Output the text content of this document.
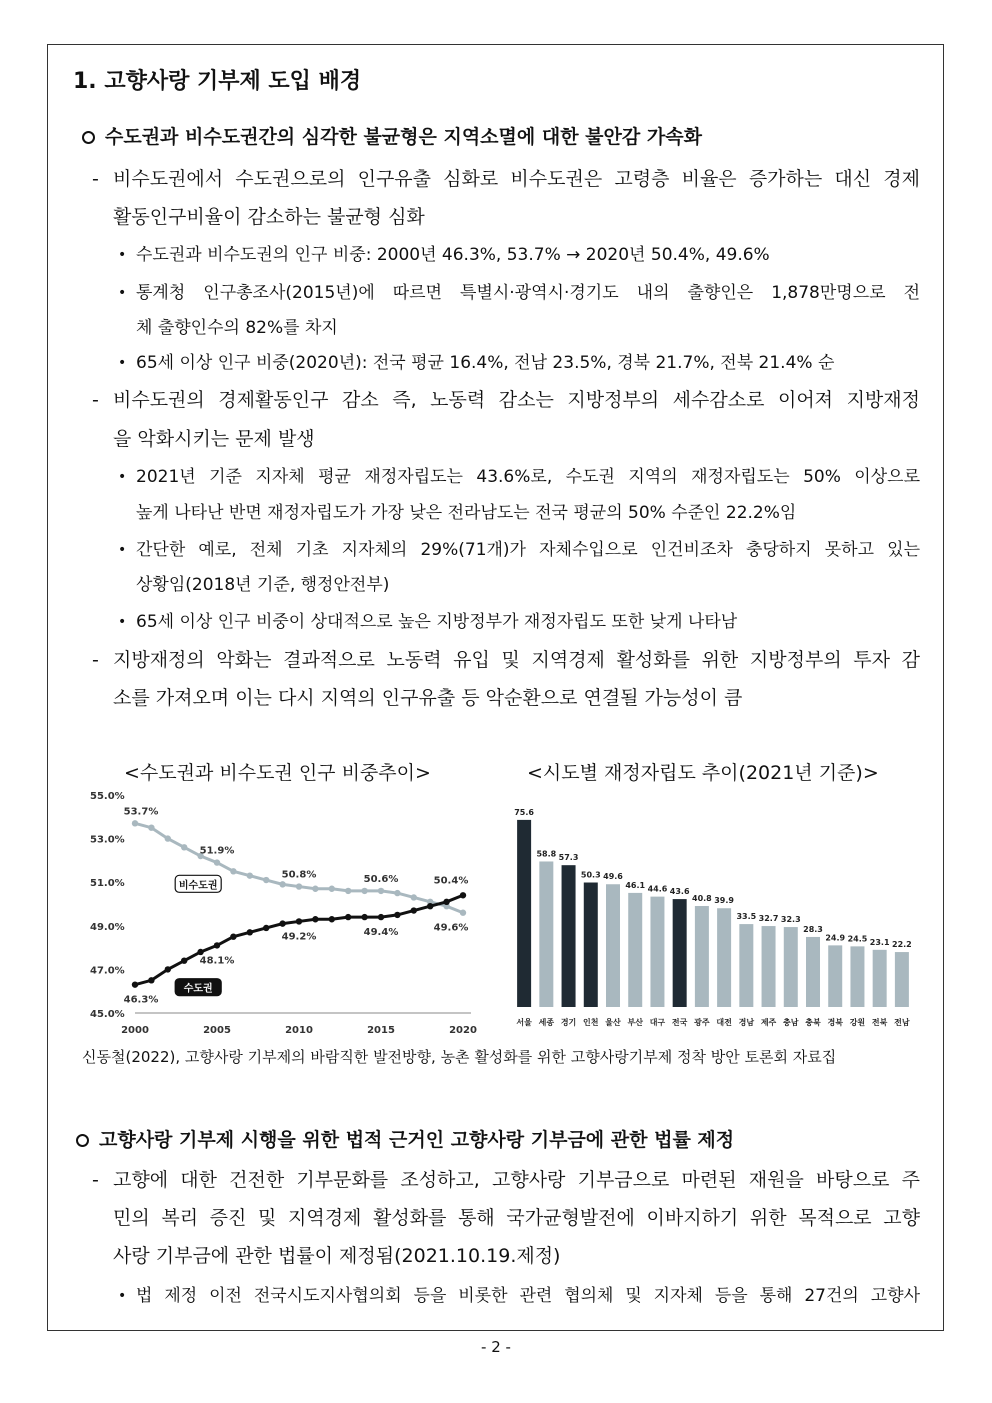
1. 고향사랑 기부제 도입 배경
수도권과 비수도권간의 심각한 불균형은 지역소멸에 대한 불안감 가속화
- 비수도권에서 수도권으로의 인구유출 심화로 비수도권은 고령층 비율은 증가하는 대신 경제
활동인구비율이 감소하는 불균형 심화
• 수도권과 비수도권의 인구 비중: 2000년 46.3%, 53.7% → 2020년 50.4%, 49.6%
• 통계청 인구총조사(2015년)에 따르면 특별시·광역시·경기도 내의 출향인은 1,878만명으로 전
체 출향인수의 82%를 차지
• 65세 이상 인구 비중(2020년): 전국 평균 16.4%, 전남 23.5%, 경북 21.7%, 전북 21.4% 순
- 비수도권의 경제활동인구 감소 즉, 노동력 감소는 지방정부의 세수감소로 이어져 지방재정
을 악화시키는 문제 발생
• 2021년 기준 지자체 평균 재정자립도는 43.6%로, 수도권 지역의 재정자립도는 50% 이상으로
높게 나타난 반면 재정자립도가 가장 낮은 전라남도는 전국 평균의 50% 수준인 22.2%임
• 간단한 예로, 전체 기초 지자체의 29%(71개)가 자체수입으로 인건비조차 충당하지 못하고 있는
상황임(2018년 기준, 행정안전부)
• 65세 이상 인구 비중이 상대적으로 높은 지방정부가 재정자립도 또한 낮게 나타남
- 지방재정의 악화는 결과적으로 노동력 유입 및 지역경제 활성화를 위한 지방정부의 투자 감
소를 가져오며 이는 다시 지역의 인구유출 등 악순환으로 연결될 가능성이 큼
<수도권과 비수도권 인구 비중추이>	<시도별 재정자립도 추이(2021년 기준)>
55.0%
53.0%
51.0%
49.0%
47.0%
45.0%
2000	2005	2010	2015	2020
53.7%
51.9%
50.8%	50.6%
49.6%
46.3%
48.1%
49.2%	49.4%
50.4%
비수도권
수도권
75.6
서울
58.8
세종
57.3
경기
50.3
인천
49.6
울산
46.1
부산
44.6
대구
43.6
전국
40.8
광주
39.9
대전
33.5
경남
32.7
제주
32.3
충남
28.3
충북
24.9
경북
24.5
강원
23.1
전북
22.2
전남
신동철(2022), 고향사랑 기부제의 바람직한 발전방향, 농촌 활성화를 위한 고향사랑기부제 정착 방안 토론회 자료집
고향사랑 기부제 시행을 위한 법적 근거인 고향사랑 기부금에 관한 법률 제정
- 고향에 대한 건전한 기부문화를 조성하고, 고향사랑 기부금으로 마련된 재원을 바탕으로 주
민의 복리 증진 및 지역경제 활성화를 통해 국가균형발전에 이바지하기 위한 목적으로 고향
사랑 기부금에 관한 법률이 제정됨(2021.10.19.제정)
• 법 제정 이전 전국시도지사협의회 등을 비롯한 관련 협의체 및 지자체 등을 통해 27건의 고향사
- 2 -
